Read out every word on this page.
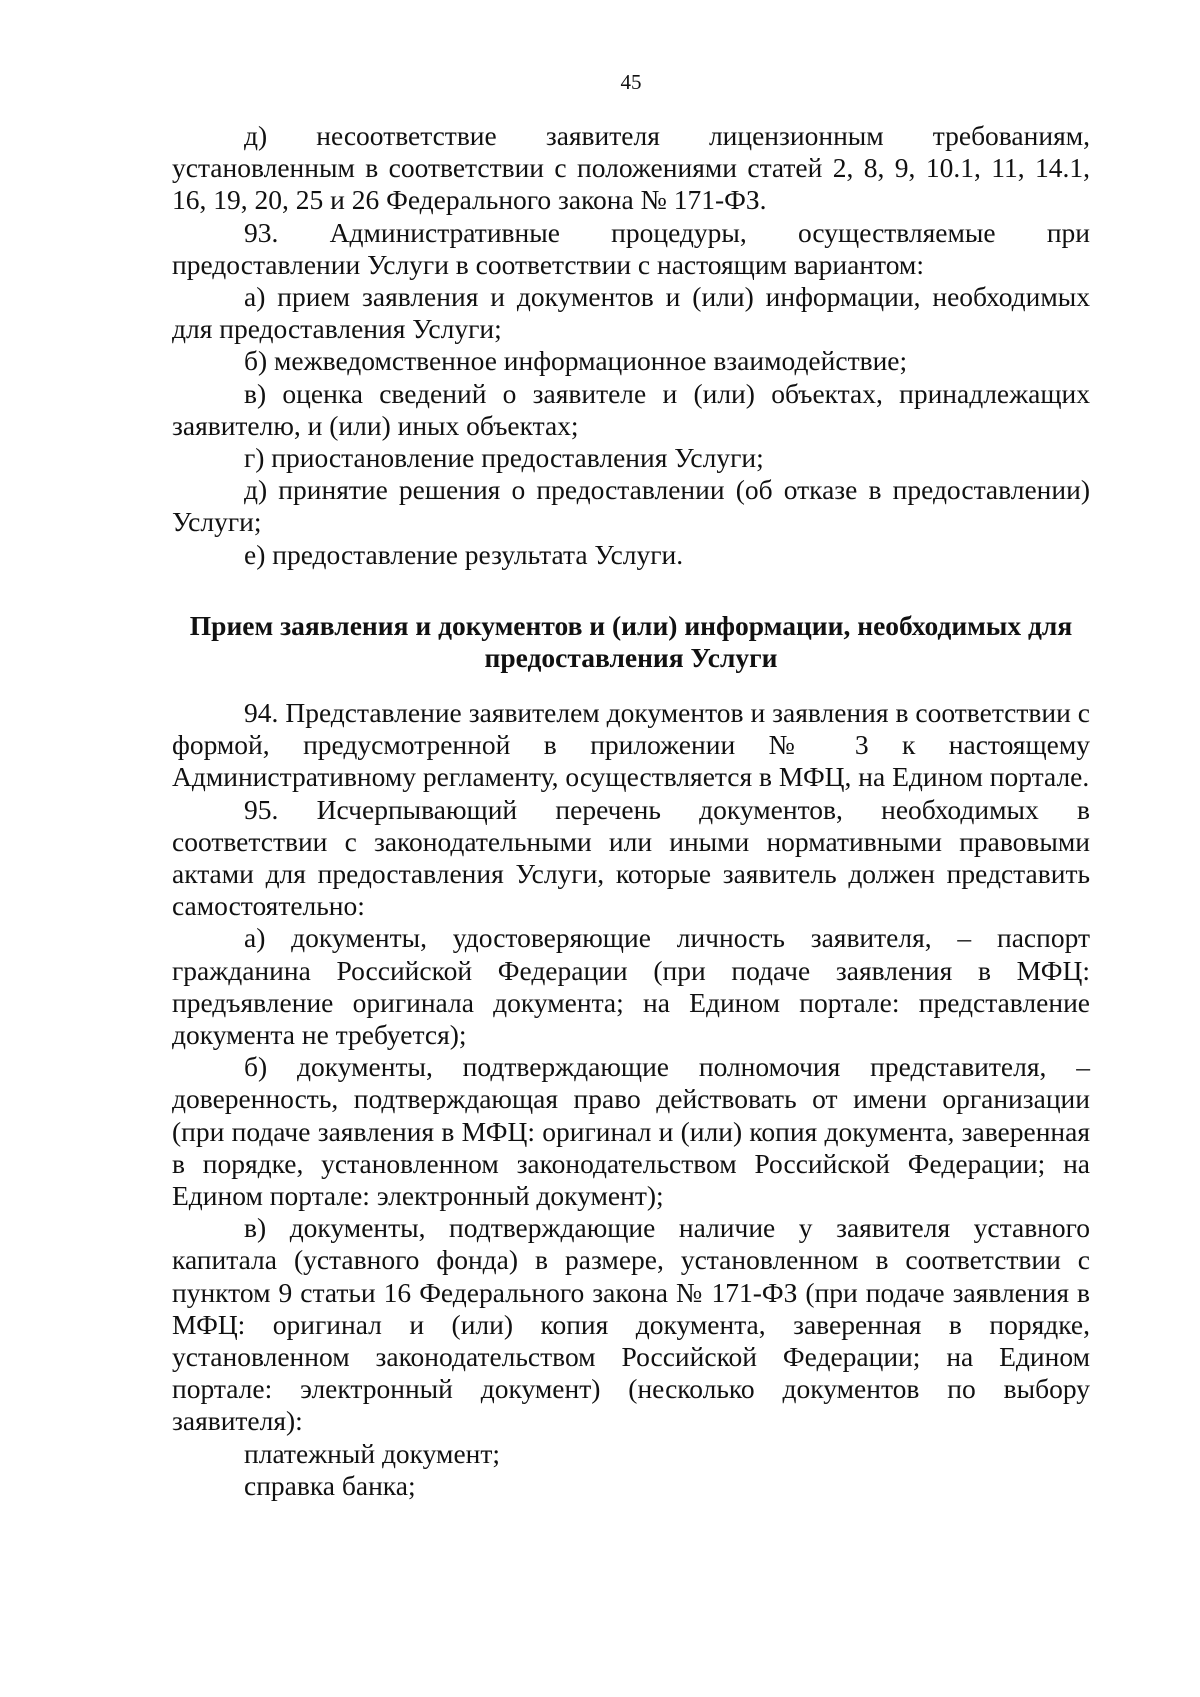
45

д) несоответствие заявителя лицензионным требованиям, установленным в соответствии с положениями статей 2, 8, 9, 10.1, 11, 14.1, 16, 19, 20, 25 и 26 Федерального закона № 171-ФЗ.

93. Административные процедуры, осуществляемые при предоставлении Услуги в соответствии с настоящим вариантом:

а) прием заявления и документов и (или) информации, необходимых для предоставления Услуги;

б) межведомственное информационное взаимодействие;

в) оценка сведений о заявителе и (или) объектах, принадлежащих заявителю, и (или) иных объектах;

г) приостановление предоставления Услуги;

д) принятие решения о предоставлении (об отказе в предоставлении) Услуги;

е) предоставление результата Услуги.

Прием заявления и документов и (или) информации, необходимых для предоставления Услуги

94. Представление заявителем документов и заявления в соответствии с формой, предусмотренной в приложении № 3 к настоящему Административному регламенту, осуществляется в МФЦ, на Едином портале.

95. Исчерпывающий перечень документов, необходимых в соответствии с законодательными или иными нормативными правовыми актами для предоставления Услуги, которые заявитель должен представить самостоятельно:

а) документы, удостоверяющие личность заявителя, – паспорт гражданина Российской Федерации (при подаче заявления в МФЦ: предъявление оригинала документа; на Едином портале: представление документа не требуется);

б) документы, подтверждающие полномочия представителя, – доверенность, подтверждающая право действовать от имени организации (при подаче заявления в МФЦ: оригинал и (или) копия документа, заверенная в порядке, установленном законодательством Российской Федерации; на Едином портале: электронный документ);

в) документы, подтверждающие наличие у заявителя уставного капитала (уставного фонда) в размере, установленном в соответствии с пунктом 9 статьи 16 Федерального закона № 171-ФЗ (при подаче заявления в МФЦ: оригинал и (или) копия документа, заверенная в порядке, установленном законодательством Российской Федерации; на Едином портале: электронный документ) (несколько документов по выбору заявителя):

платежный документ;

справка банка;
